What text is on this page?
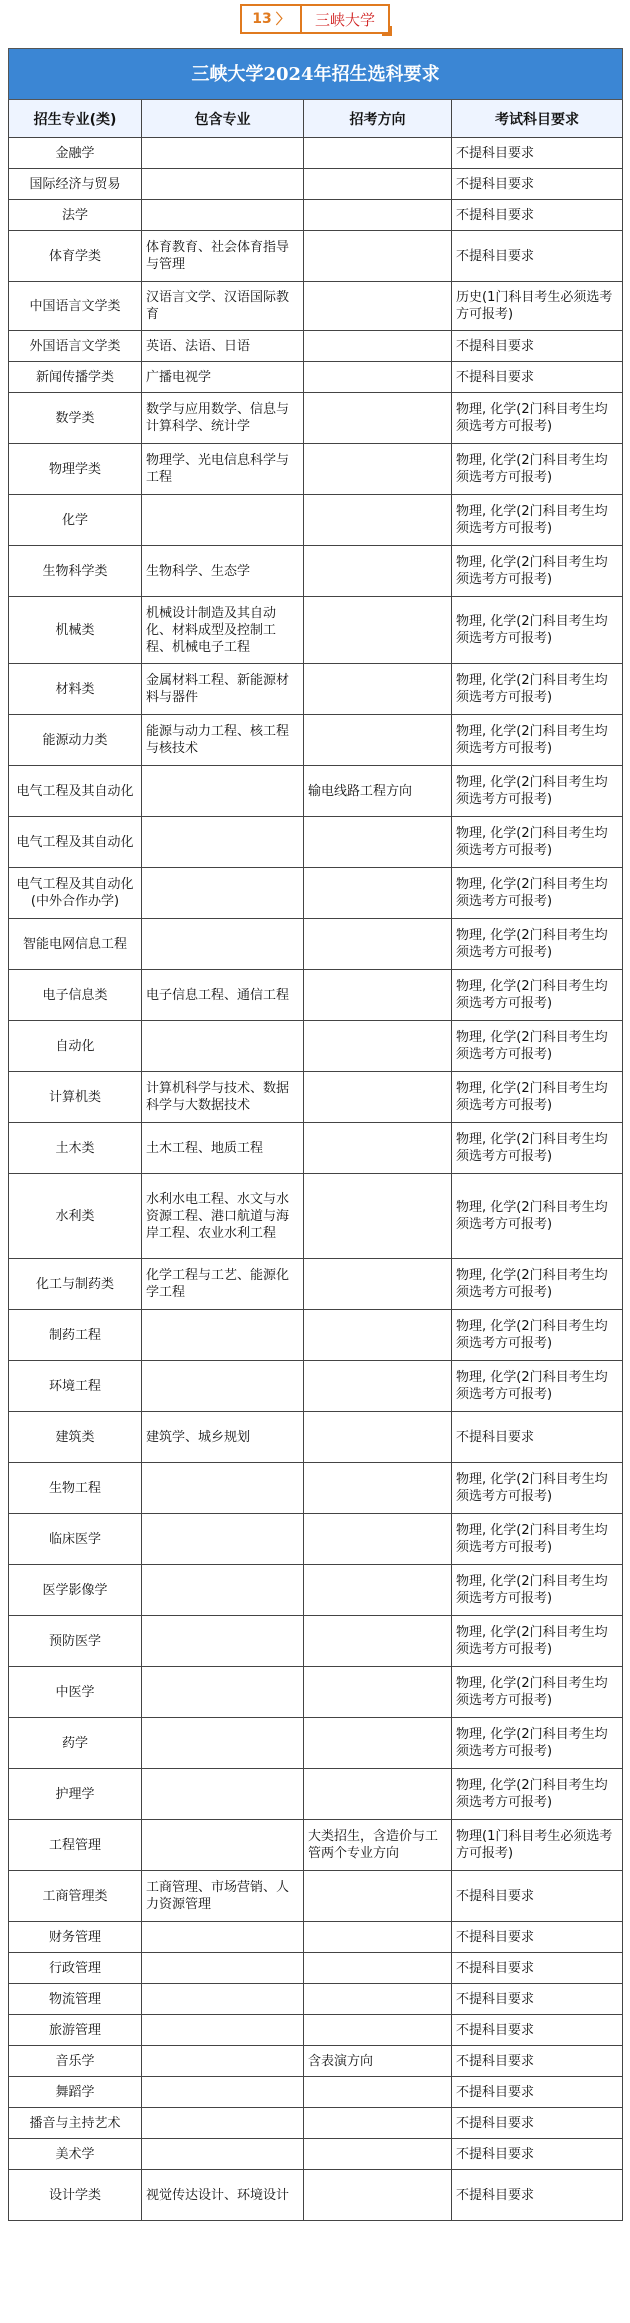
13 〉	三峡大学
三峡大学2024年招生选科要求			
招生专业(类)	包含专业	招考方向	考试科目要求
金融学			不提科目要求
国际经济与贸易			不提科目要求
法学			不提科目要求
体育学类	体育教育、社会体育指导与管理		不提科目要求
中国语言文学类	汉语言文学、汉语国际教育		历史(1门科目考生必须选考方可报考)
外国语言文学类	英语、法语、日语		不提科目要求
新闻传播学类	广播电视学		不提科目要求
数学类	数学与应用数学、信息与计算科学、统计学		物理, 化学(2门科目考生均须选考方可报考)
物理学类	物理学、光电信息科学与工程		物理, 化学(2门科目考生均须选考方可报考)
化学			物理, 化学(2门科目考生均须选考方可报考)
生物科学类	生物科学、生态学		物理, 化学(2门科目考生均须选考方可报考)
机械类	机械设计制造及其自动化、材料成型及控制工程、机械电子工程		物理, 化学(2门科目考生均须选考方可报考)
材料类	金属材料工程、新能源材料与器件		物理, 化学(2门科目考生均须选考方可报考)
能源动力类	能源与动力工程、核工程与核技术		物理, 化学(2门科目考生均须选考方可报考)
电气工程及其自动化		输电线路工程方向	物理, 化学(2门科目考生均须选考方可报考)
电气工程及其自动化			物理, 化学(2门科目考生均须选考方可报考)
电气工程及其自动化(中外合作办学)			物理, 化学(2门科目考生均须选考方可报考)
智能电网信息工程			物理, 化学(2门科目考生均须选考方可报考)
电子信息类	电子信息工程、通信工程		物理, 化学(2门科目考生均须选考方可报考)
自动化			物理, 化学(2门科目考生均须选考方可报考)
计算机类	计算机科学与技术、数据科学与大数据技术		物理, 化学(2门科目考生均须选考方可报考)
土木类	土木工程、地质工程		物理, 化学(2门科目考生均须选考方可报考)
水利类	水利水电工程、水文与水资源工程、港口航道与海岸工程、农业水利工程		物理, 化学(2门科目考生均须选考方可报考)
化工与制药类	化学工程与工艺、能源化学工程		物理, 化学(2门科目考生均须选考方可报考)
制药工程			物理, 化学(2门科目考生均须选考方可报考)
环境工程			物理, 化学(2门科目考生均须选考方可报考)
建筑类	建筑学、城乡规划		不提科目要求
生物工程			物理, 化学(2门科目考生均须选考方可报考)
临床医学			物理, 化学(2门科目考生均须选考方可报考)
医学影像学			物理, 化学(2门科目考生均须选考方可报考)
预防医学			物理, 化学(2门科目考生均须选考方可报考)
中医学			物理, 化学(2门科目考生均须选考方可报考)
药学			物理, 化学(2门科目考生均须选考方可报考)
护理学			物理, 化学(2门科目考生均须选考方可报考)
工程管理		大类招生，含造价与工管两个专业方向	物理(1门科目考生必须选考方可报考)
工商管理类	工商管理、市场营销、人力资源管理		不提科目要求
财务管理			不提科目要求
行政管理			不提科目要求
物流管理			不提科目要求
旅游管理			不提科目要求
音乐学		含表演方向	不提科目要求
舞蹈学			不提科目要求
播音与主持艺术			不提科目要求
美术学			不提科目要求
设计学类	视觉传达设计、环境设计		不提科目要求
